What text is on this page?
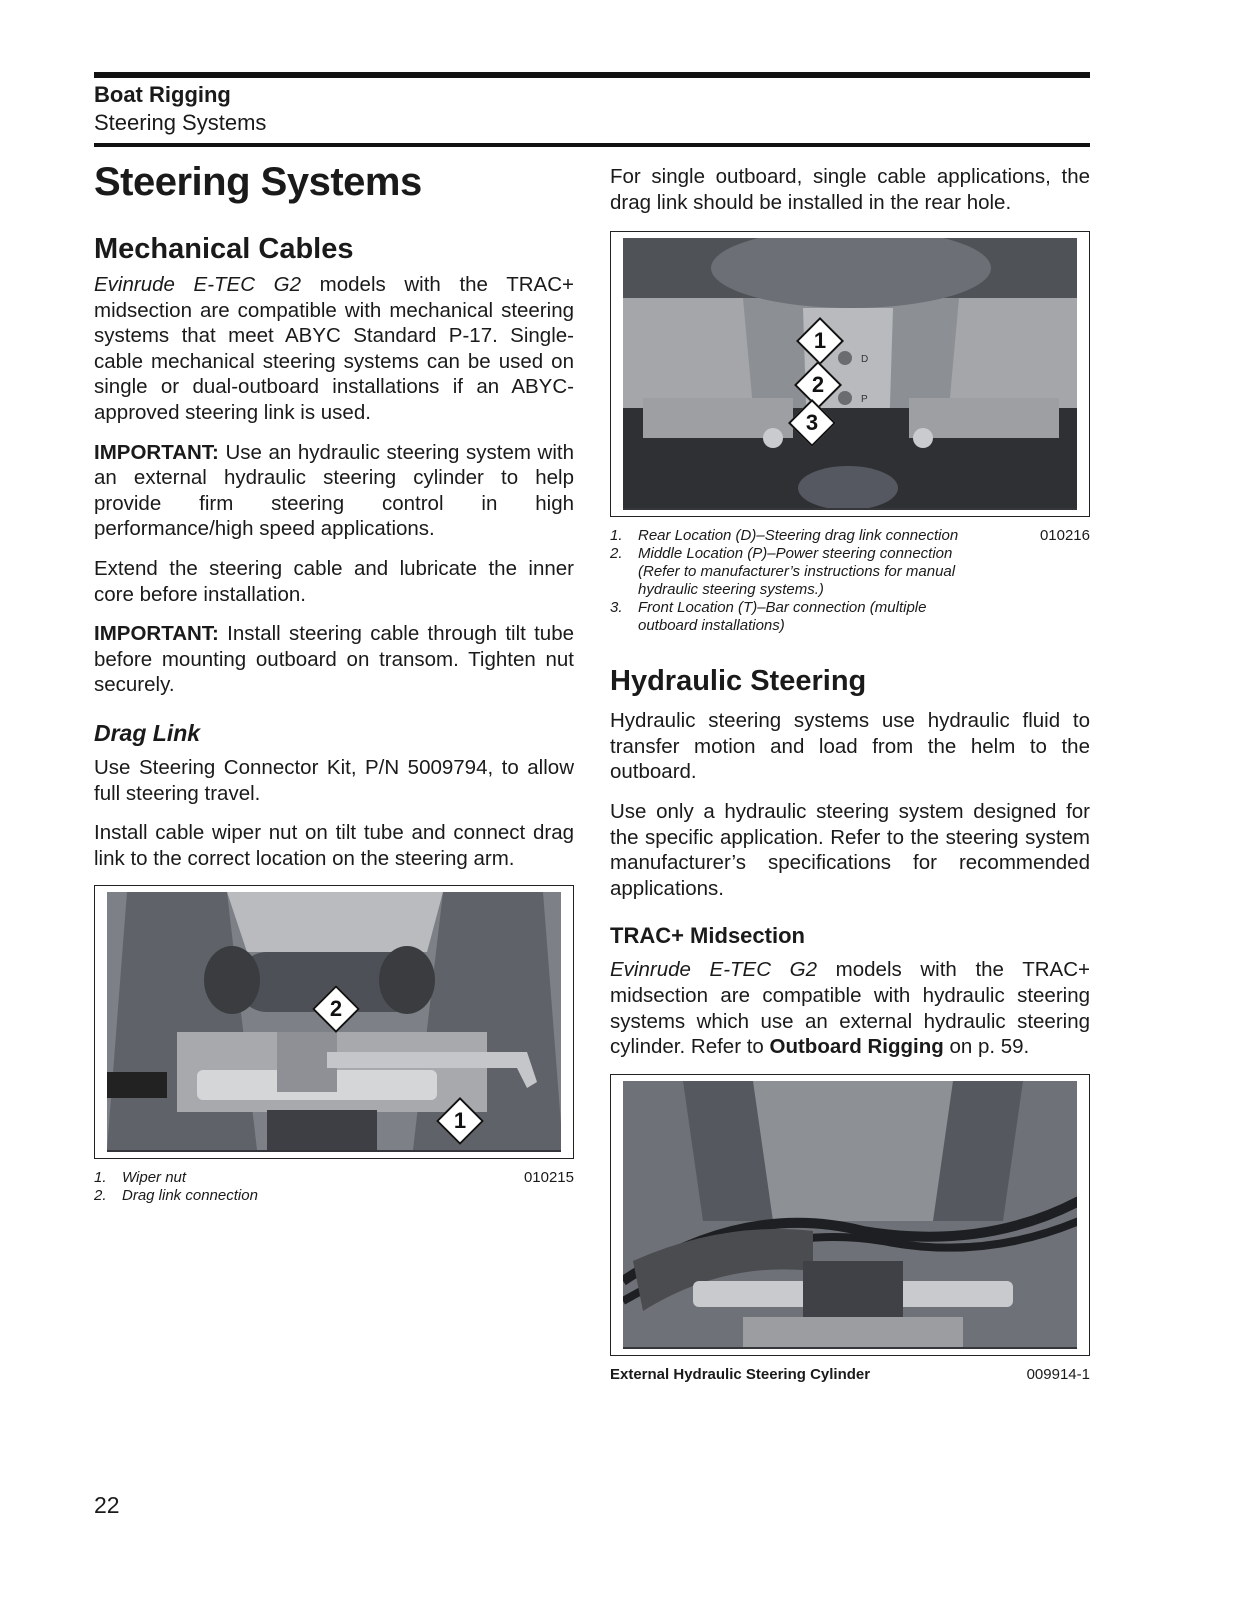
Boat Rigging
Steering Systems
Steering Systems
Mechanical Cables

Evinrude E-TEC G2 models with the TRAC+ midsection are compatible with mechanical steering systems that meet ABYC Standard P-17. Single-cable mechanical steering systems can be used on single or dual-outboard installations if an ABYC-approved steering link is used.

IMPORTANT: Use an hydraulic steering system with an external hydraulic steering cylinder to help provide firm steering control in high performance/high speed applications.

Extend the steering cable and lubricate the inner core before installation.

IMPORTANT: Install steering cable through tilt tube before mounting outboard on transom. Tighten nut securely.

Drag Link

Use Steering Connector Kit, P/N 5009794, to allow full steering travel.

Install cable wiper nut on tilt tube and connect drag link to the correct location on the steering arm.

2
1
010215
1.	Wiper nut
2.	Drag link connection

For single outboard, single cable applications, the drag link should be installed in the rear hole.

D
P
1
2
3
010216
1.	Rear Location (D)–Steering drag link connection
2.	Middle Location (P)–Power steering connection (Refer to manufacturer’s instructions for manual hydraulic steering systems.)
3.	Front Location (T)–Bar connection (multiple outboard installations)
Hydraulic Steering

Hydraulic steering systems use hydraulic fluid to transfer motion and load from the helm to the outboard.

Use only a hydraulic steering system designed for the specific application. Refer to the steering system manufacturer’s specifications for recommended applications.

TRAC+ Midsection

Evinrude E-TEC G2 models with the TRAC+ midsection are compatible with hydraulic steering systems which use an external hydraulic steering cylinder. Refer to Outboard Rigging on p. 59.

External Hydraulic Steering Cylinder	009914-1
22
